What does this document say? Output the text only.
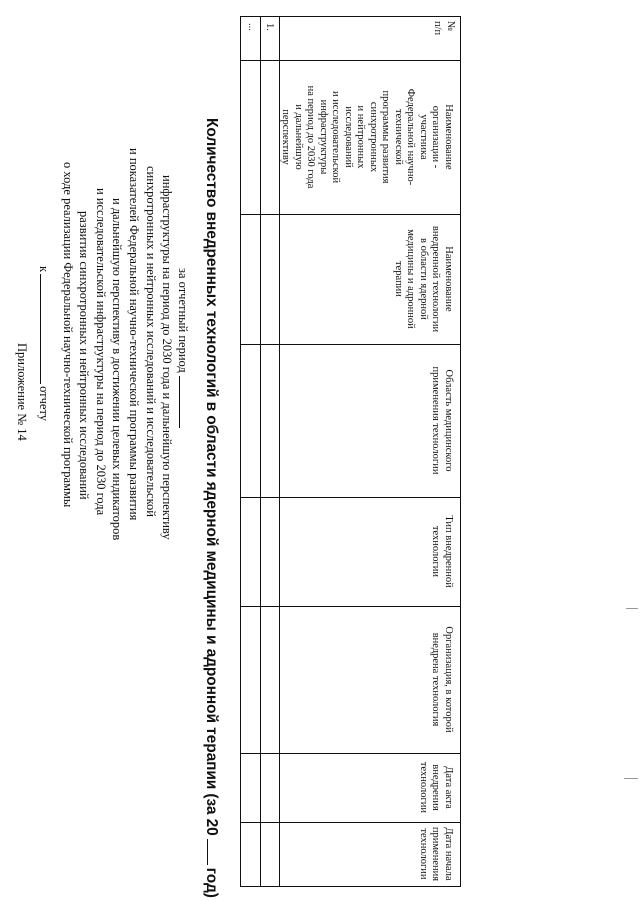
Приложение № 14
котчету о ходе реализации Федеральной научно-технической программы развития синхротронных и нейтронных исследований и исследовательской инфраструктуры на период до 2030 года и дальнейшую перспективу в достижении целевых индикаторов и показателей Федеральной научно-технической программы развития синхротронных и нейтронных исследований и исследовательской инфраструктуры на период до 2030 года и дальнейшую перспективу за отчетный период Количество внедренных технологий в области ядерной медицины и адронной терапии (за 20год)
№
п/п
Наименование
организации -
участника
Федеральной научно-
технической
программы развития
синхротронных
и нейтронных
исследований
и исследовательской
инфраструктуры
на период до 2030 года
и дальнейшую
перспективу
Наименование
внедренной технологии
в области ядерной
медицины и адронной
терапии
Область медицинского
применения технологии
Тип внедренной
технологии
Организация, в которой
внедрена технология
Дата акта
внедрения
технологии
Дата начала
применения
технологии
1.
...
